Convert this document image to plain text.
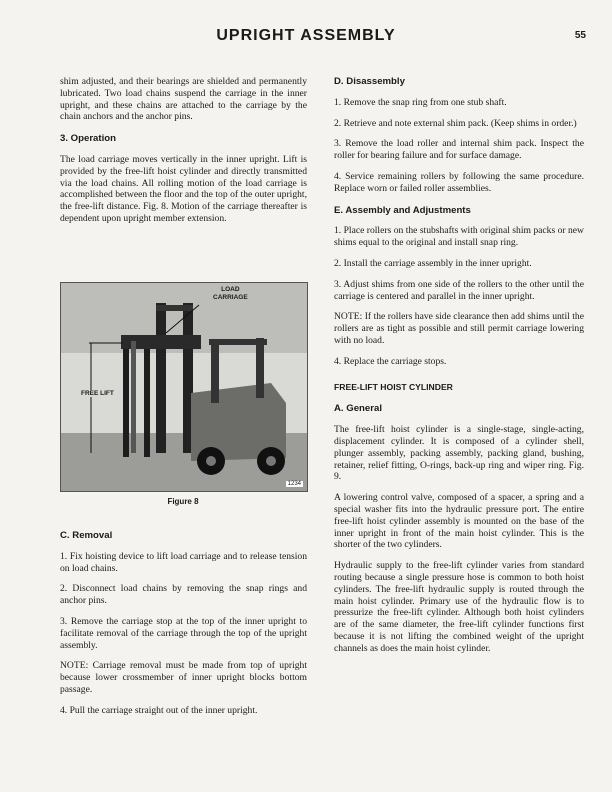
UPRIGHT ASSEMBLY	55

shim adjusted, and their bearings are shielded and permanently lubricated. Two load chains suspend the carriage in the inner upright, and these chains are attached to the carriage by the chain anchors and the anchor pins.

3. Operation

The load carriage moves vertically in the inner upright. Lift is provided by the free-lift hoist cylinder and directly transmitted via the load chains. All rolling motion of the load carriage is accomplished between the floor and the top of the outer upright, the free-lift distance. Fig. 8. Motion of the carriage thereafter is dependent upon upright member extension.

LOAD
CARRIAGE
FREE LIFT
1234
Figure 8
C. Removal

1. Fix hoisting device to lift load carriage and to release tension on load chains.

2. Disconnect load chains by removing the snap rings and anchor pins.

3. Remove the carriage stop at the top of the inner upright to facilitate removal of the carriage through the top of the upright assembly.

NOTE: Carriage removal must be made from top of upright because lower crossmember of inner upright blocks bottom passage.

4. Pull the carriage straight out of the inner upright.

D. Disassembly

1. Remove the snap ring from one stub shaft.

2. Retrieve and note external shim pack. (Keep shims in order.)

3. Remove the load roller and internal shim pack. Inspect the roller for bearing failure and for surface damage.

4. Service remaining rollers by following the same procedure. Replace worn or failed roller assemblies.

E. Assembly and Adjustments

1. Place rollers on the stubshafts with original shim packs or new shims equal to the original and install snap ring.

2. Install the carriage assembly in the inner upright.

3. Adjust shims from one side of the rollers to the other until the carriage is centered and parallel in the inner upright.

NOTE: If the rollers have side clearance then add shims until the rollers are as tight as possible and still permit carriage lowering with no load.

4. Replace the carriage stops.

FREE-LIFT HOIST CYLINDER
A. General

The free-lift hoist cylinder is a single-stage, single-acting, displacement cylinder. It is composed of a cylinder shell, plunger assembly, packing assembly, packing gland, bushing, retainer, relief fitting, O-rings, back-up ring and wiper ring. Fig. 9.

A lowering control valve, composed of a spacer, a spring and a special washer fits into the hydraulic pressure port. The entire free-lift hoist cylinder assembly is mounted on the base of the inner upright in front of the main hoist cylinder. This is the shorter of the two cylinders.

Hydraulic supply to the free-lift cylinder varies from standard routing because a single pressure hose is common to both hoist cylinders. The free-lift hydraulic supply is routed through the main hoist cylinder. Primary use of the hydraulic flow is to pressurize the free-lift cylinder. Although both hoist cylinders are of the same diameter, the free-lift cylinder functions first because it is not lifting the combined weight of the upright channels as does the main hoist cylinder.
